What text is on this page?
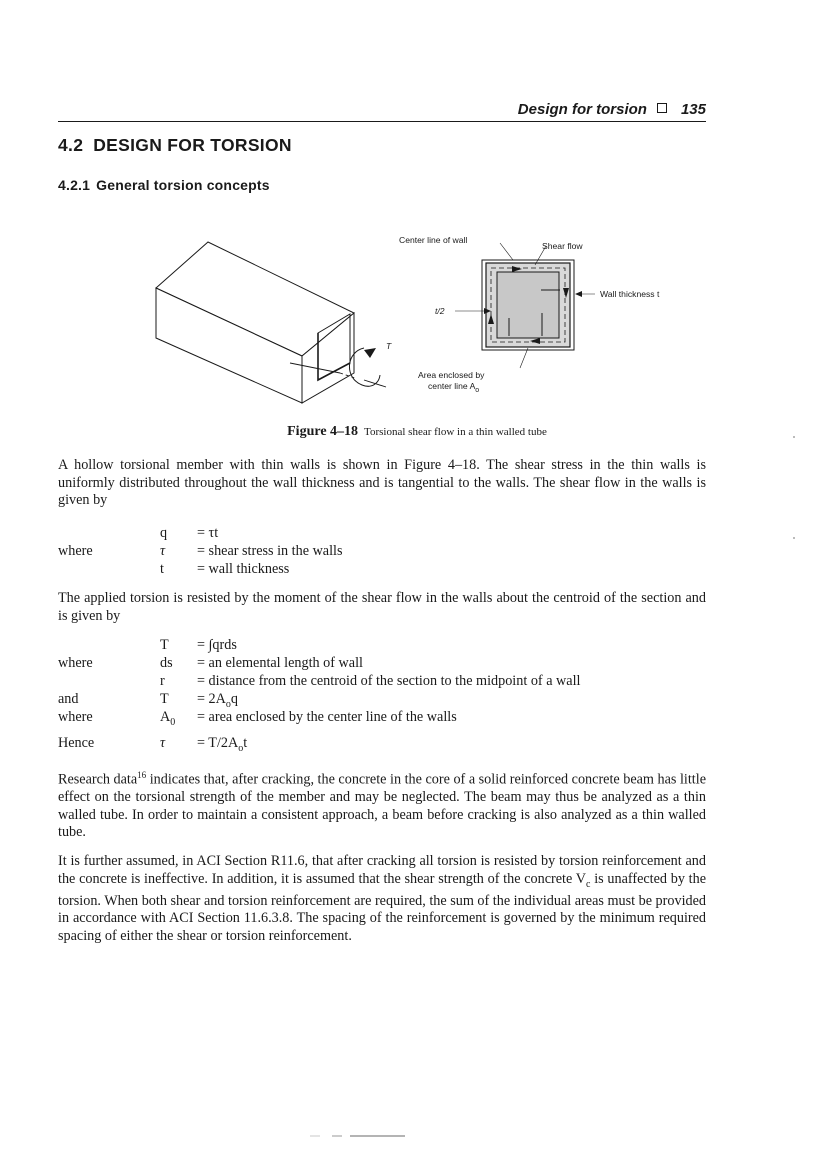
Design for torsion 135
4.2 DESIGN FOR TORSION
4.2.1 General torsion concepts
T
Center line of wall
Shear flow
Wall thickness t
t/2
Area enclosed by
center line $A_o$
Figure 4–18 Torsional shear flow in a thin walled tube
A hollow torsional member with thin walls is shown in Figure 4–18. The shear stress in the thin walls is uniformly distributed throughout the wall thickness and is tangential to the walls. The shear flow in the walls is given by
q = τt
where	τ = shear stress in the walls
t = wall thickness
The applied torsion is resisted by the moment of the shear flow in the walls about the centroid of the section and is given by
T = ∫qrds
where	ds = an elemental length of wall
r = distance from the centroid of the section to the midpoint of a wall
and	$T = 2A_oq$
where	$A_0$ = area enclosed by the center line of the walls
Hence	$\tau = T/2A_ot$
Research data$^{16}$ indicates that, after cracking, the concrete in the core of a solid reinforced concrete beam has little effect on the torsional strength of the member and may be neglected. The beam may thus be analyzed as a thin walled tube. In order to maintain a consistent approach, a beam before cracking is also analyzed as a thin walled tube.
It is further assumed, in ACI Section R11.6, that after cracking all torsion is resisted by torsion reinforcement and the concrete is ineffective. In addition, it is assumed that the shear strength of the concrete $V_c$ is unaffected by the torsion. When both shear and torsion reinforcement are required, the sum of the individual areas must be provided in accordance with ACI Section 11.6.3.8. The spacing of the reinforcement is governed by the minimum required spacing of either the shear or torsion reinforcement.
